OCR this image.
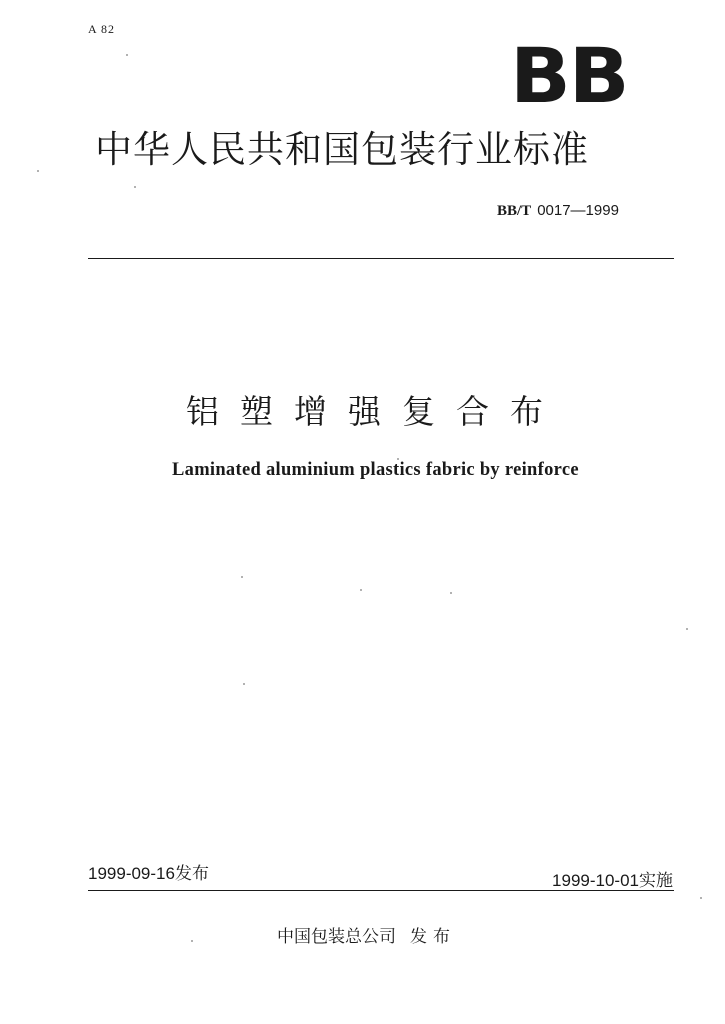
A 82
BB
中华人民共和国包装行业标准
BB/T 0017—1999
铝塑增强复合布
Laminated aluminium plastics fabric by reinforce
1999-09-16发布	1999-10-01实施
中国包装总公司 发布
